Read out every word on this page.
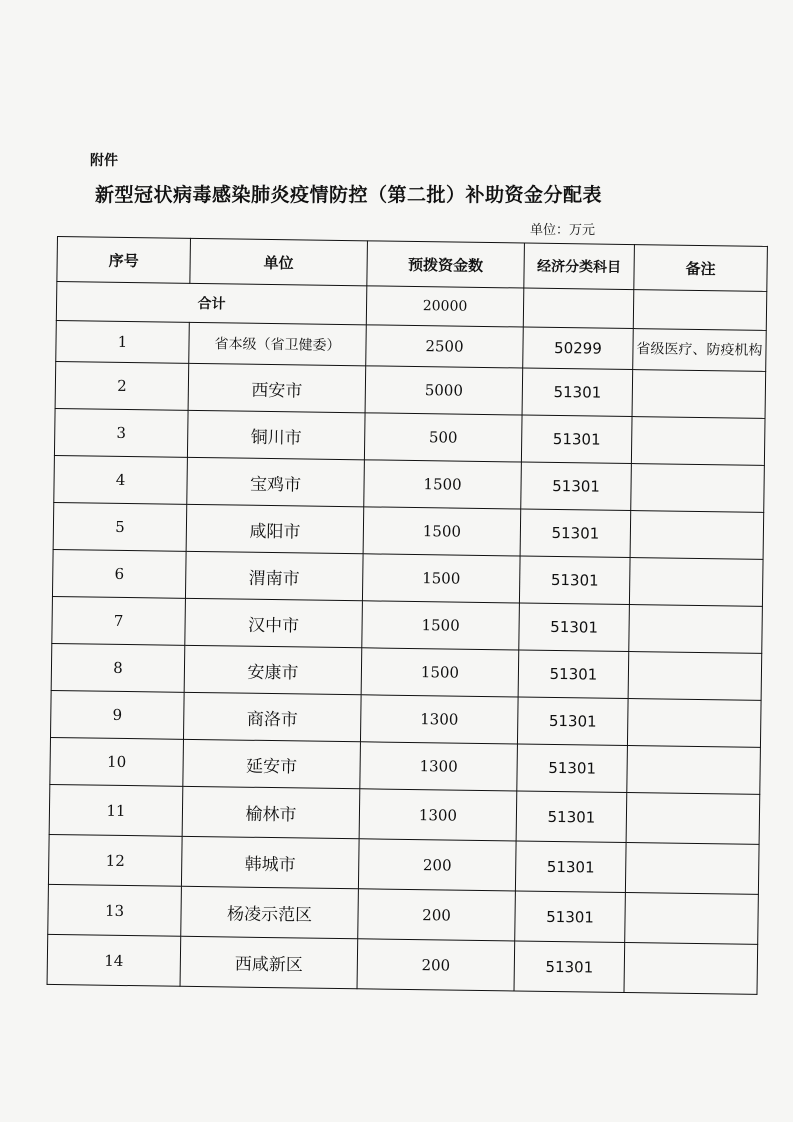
附件
新型冠状病毒感染肺炎疫情防控（第二批）补助资金分配表
单位：万元
序号	单位	预拨资金数	经济分类科目	备注
合计		20000		
1	省本级（省卫健委）	2500	50299	省级医疗、防疫机构
2	西安市	5000	51301	
3	铜川市	500	51301	
4	宝鸡市	1500	51301	
5	咸阳市	1500	51301	
6	渭南市	1500	51301	
7	汉中市	1500	51301	
8	安康市	1500	51301	
9	商洛市	1300	51301	
10	延安市	1300	51301	
11	榆林市	1300	51301	
12	韩城市	200	51301	
13	杨凌示范区	200	51301	
14	西咸新区	200	51301	
